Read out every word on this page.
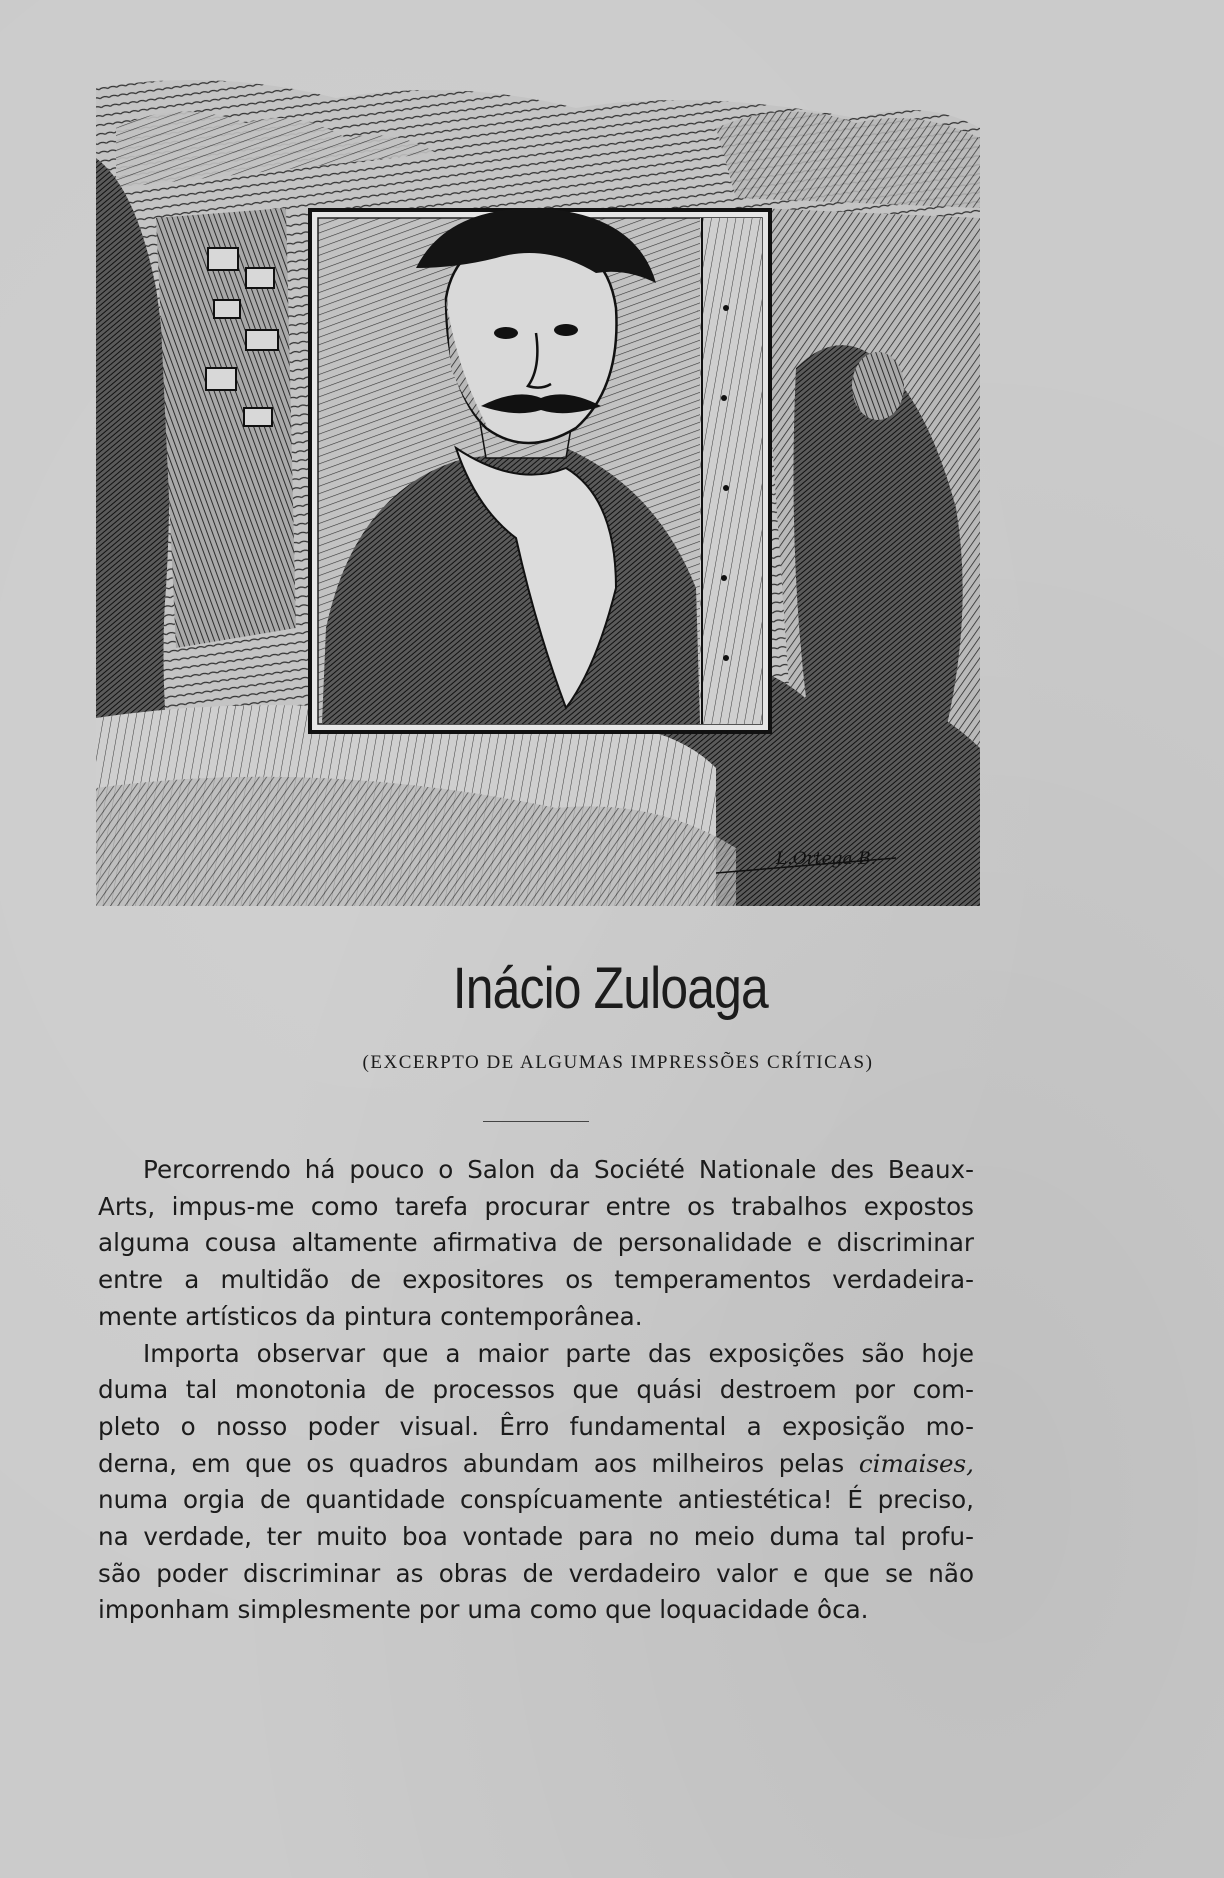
L.Ortega B.
Inácio Zuloaga
(EXCERPTO DE ALGUMAS IMPRESSÕES CRÍTICAS)

Percorrendo há pouco o Salon da Société Nationale des Beaux-
Arts, impus-me como tarefa procurar entre os trabalhos expostos
alguma cousa altamente afirmativa de personalidade e discriminar
entre a multidão de expositores os temperamentos verdadeira-
mente artísticos da pintura contemporânea.

Importa observar que a maior parte das exposições são hoje
duma tal monotonia de processos que quási destroem por com-
pleto o nosso poder visual. Êrro fundamental a exposição mo-
derna, em que os quadros abundam aos milheiros pelas cimaises,
numa orgia de quantidade conspícuamente antiestética! É preciso,
na verdade, ter muito boa vontade para no meio duma tal profu-
são poder discriminar as obras de verdadeiro valor e que se não
imponham simplesmente por uma como que loquacidade ôca.
